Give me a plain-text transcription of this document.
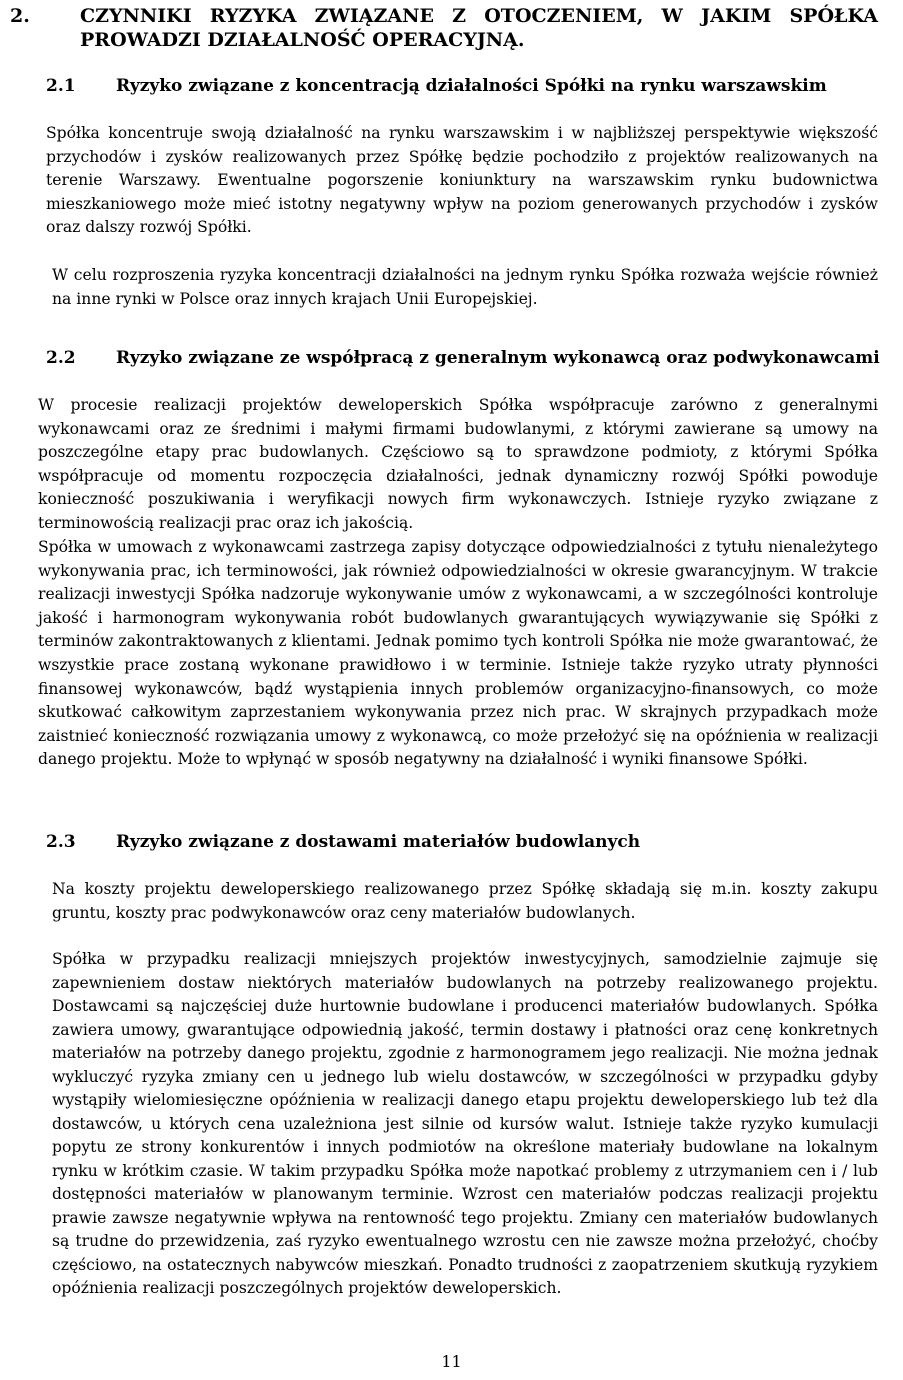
2.	CZYNNIKI RYZYKA ZWIĄZANE Z OTOCZENIEM, W JAKIM SPÓŁKA PROWADZI DZIAŁALNOŚĆ OPERACYJNĄ.
2.1 Ryzyko związane z koncentracją działalności Spółki na rynku warszawskim

Spółka koncentruje swoją działalność na rynku warszawskim i w najbliższej perspektywie większość przychodów i zysków realizowanych przez Spółkę będzie pochodziło z projektów realizowanych na terenie Warszawy. Ewentualne pogorszenie koniunktury na warszawskim rynku budownictwa mieszkaniowego może mieć istotny negatywny wpływ na poziom generowanych przychodów i zysków oraz dalszy rozwój Spółki.

W celu rozproszenia ryzyka koncentracji działalności na jednym rynku Spółka rozważa wejście również na inne rynki w Polsce oraz innych krajach Unii Europejskiej.

2.2 Ryzyko związane ze współpracą z generalnym wykonawcą oraz podwykonawcami

W procesie realizacji projektów deweloperskich Spółka współpracuje zarówno z generalnymi wykonawcami oraz ze średnimi i małymi firmami budowlanymi, z którymi zawierane są umowy na poszczególne etapy prac budowlanych. Częściowo są to sprawdzone podmioty, z którymi Spółka współpracuje od momentu rozpoczęcia działalności, jednak dynamiczny rozwój Spółki powoduje konieczność poszukiwania i weryfikacji nowych firm wykonawczych. Istnieje ryzyko związane z terminowością realizacji prac oraz ich jakością.

Spółka w umowach z wykonawcami zastrzega zapisy dotyczące odpowiedzialności z tytułu nienależytego wykonywania prac, ich terminowości, jak również odpowiedzialności w okresie gwarancyjnym. W trakcie realizacji inwestycji Spółka nadzoruje wykonywanie umów z wykonawcami, a w szczególności kontroluje jakość i harmonogram wykonywania robót budowlanych gwarantujących wywiązywanie się Spółki z terminów zakontraktowanych z klientami. Jednak pomimo tych kontroli Spółka nie może gwarantować, że wszystkie prace zostaną wykonane prawidłowo i w terminie. Istnieje także ryzyko utraty płynności finansowej wykonawców, bądź wystąpienia innych problemów organizacyjno-finansowych, co może skutkować całkowitym zaprzestaniem wykonywania przez nich prac. W skrajnych przypadkach może zaistnieć konieczność rozwiązania umowy z wykonawcą, co może przełożyć się na opóźnienia w realizacji danego projektu. Może to wpłynąć w sposób negatywny na działalność i wyniki finansowe Spółki.

2.3 Ryzyko związane z dostawami materiałów budowlanych

Na koszty projektu deweloperskiego realizowanego przez Spółkę składają się m.in. koszty zakupu gruntu, koszty prac podwykonawców oraz ceny materiałów budowlanych.

Spółka w przypadku realizacji mniejszych projektów inwestycyjnych, samodzielnie zajmuje się zapewnieniem dostaw niektórych materiałów budowlanych na potrzeby realizowanego projektu. Dostawcami są najczęściej duże hurtownie budowlane i producenci materiałów budowlanych. Spółka zawiera umowy, gwarantujące odpowiednią jakość, termin dostawy i płatności oraz cenę konkretnych materiałów na potrzeby danego projektu, zgodnie z harmonogramem jego realizacji. Nie można jednak wykluczyć ryzyka zmiany cen u jednego lub wielu dostawców, w szczególności w przypadku gdyby wystąpiły wielomiesięczne opóźnienia w realizacji danego etapu projektu deweloperskiego lub też dla dostawców, u których cena uzależniona jest silnie od kursów walut. Istnieje także ryzyko kumulacji popytu ze strony konkurentów i innych podmiotów na określone materiały budowlane na lokalnym rynku w krótkim czasie. W takim przypadku Spółka może napotkać problemy z utrzymaniem cen i / lub dostępności materiałów w planowanym terminie. Wzrost cen materiałów podczas realizacji projektu prawie zawsze negatywnie wpływa na rentowność tego projektu. Zmiany cen materiałów budowlanych są trudne do przewidzenia, zaś ryzyko ewentualnego wzrostu cen nie zawsze można przełożyć, choćby częściowo, na ostatecznych nabywców mieszkań. Ponadto trudności z zaopatrzeniem skutkują ryzykiem opóźnienia realizacji poszczególnych projektów deweloperskich.

11
